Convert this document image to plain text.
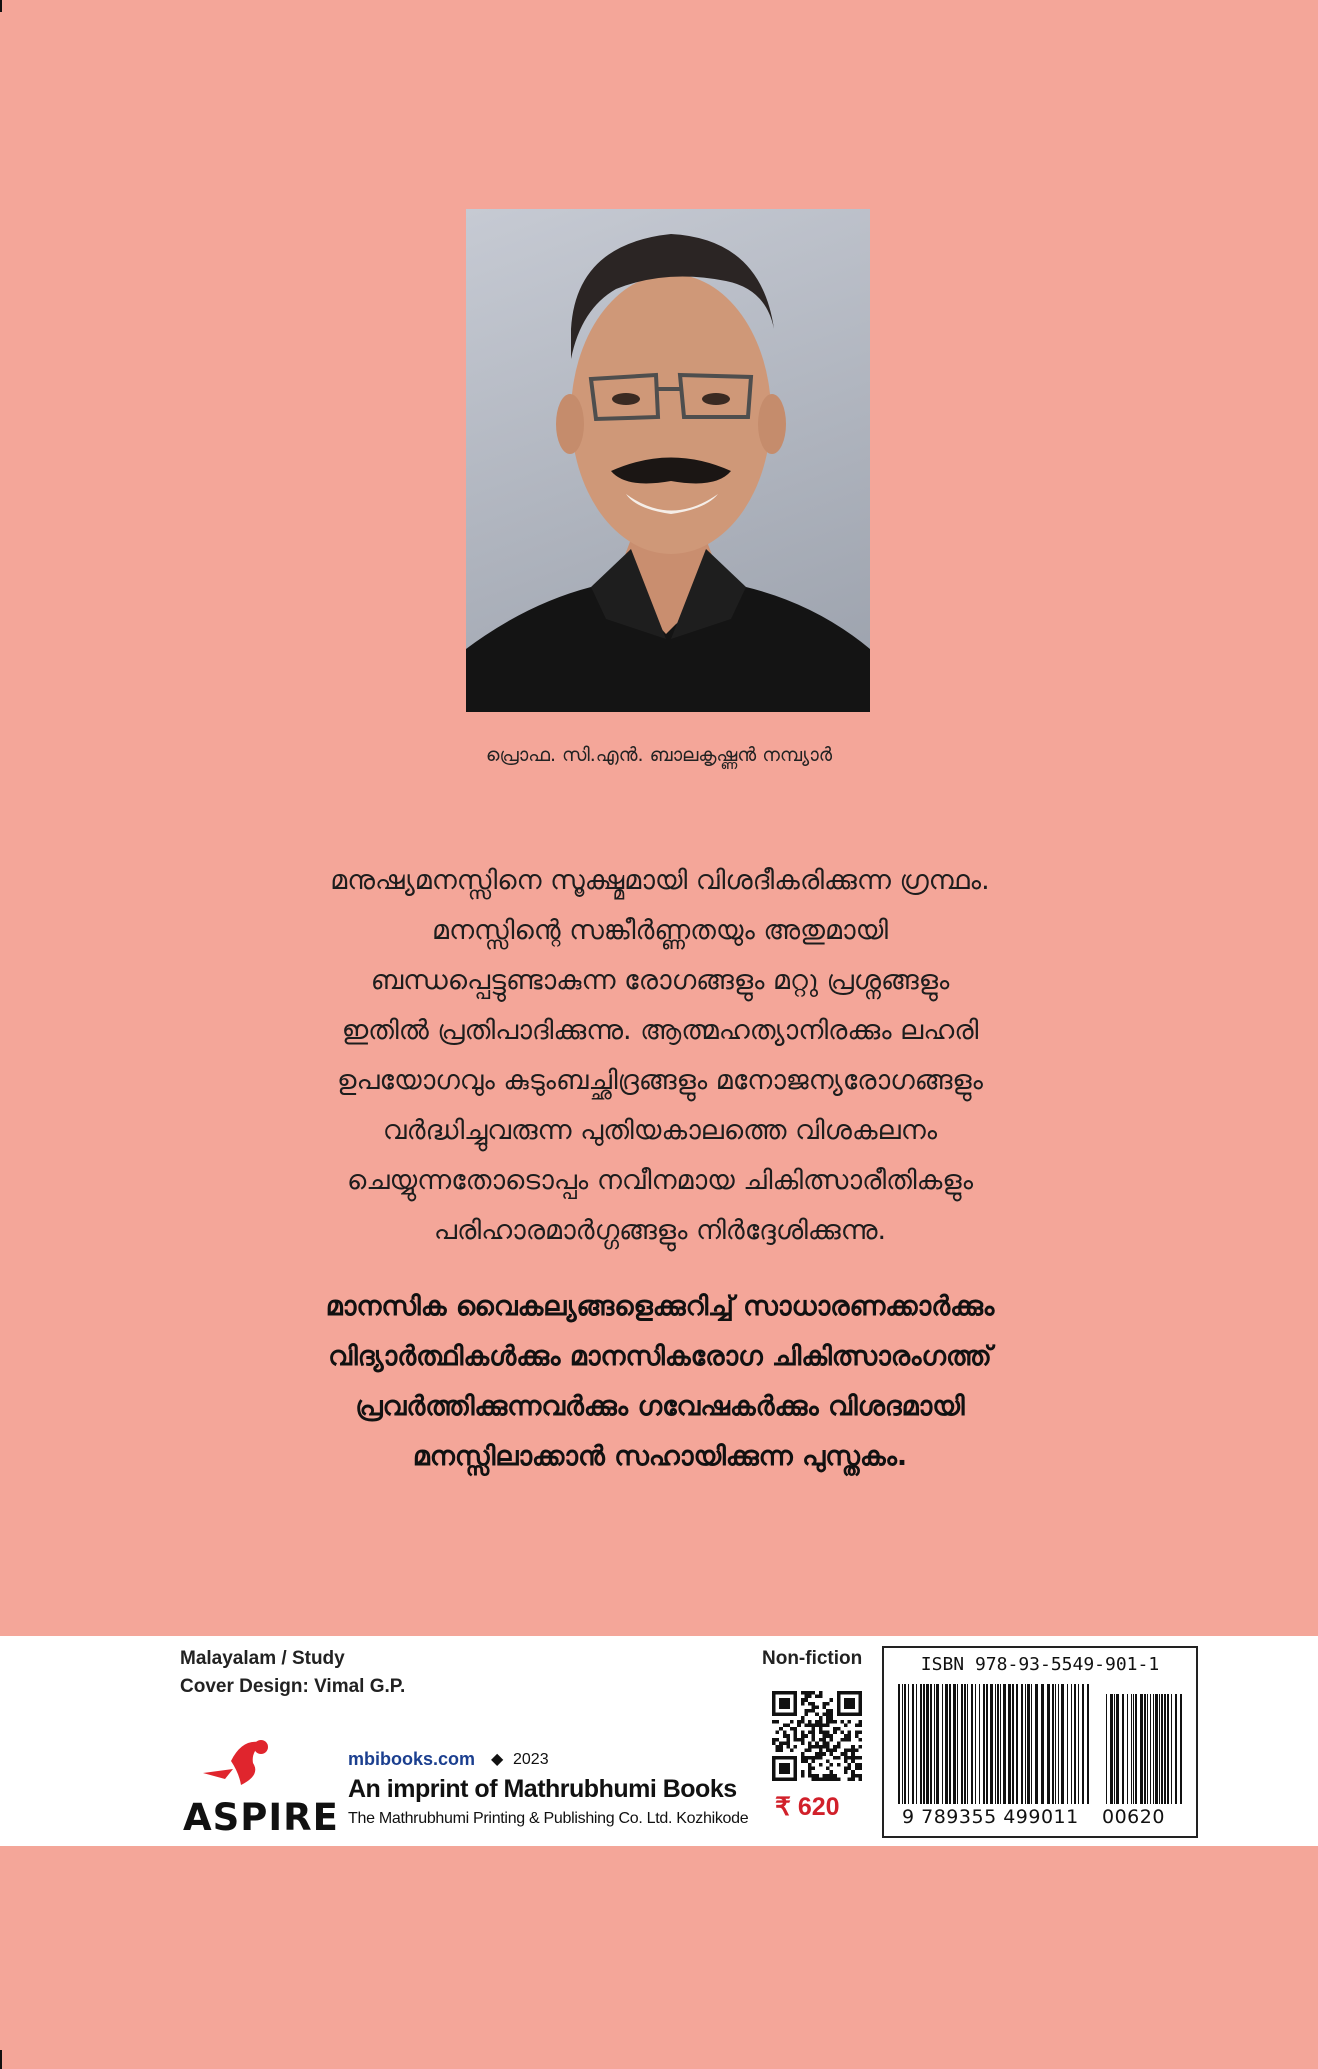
പ്രൊഫ. സി.എൻ. ബാലകൃഷ്ണൻ നമ്പ്യാർ
മനുഷ്യമനസ്സിനെ സൂക്ഷ്മമായി വിശദീകരിക്കുന്ന ഗ്രന്ഥം.
മനസ്സിന്റെ സങ്കീർണ്ണതയും അതുമായി
ബന്ധപ്പെട്ടുണ്ടാകുന്ന രോഗങ്ങളും മറ്റു പ്രശ്നങ്ങളും
ഇതിൽ പ്രതിപാദിക്കുന്നു. ആത്മഹത്യാനിരക്കും ലഹരി
ഉപയോഗവും കുടുംബച്ഛിദ്രങ്ങളും മനോജന്യരോഗങ്ങളും
വർദ്ധിച്ചുവരുന്ന പുതിയകാലത്തെ വിശകലനം
ചെയ്യുന്നതോടൊപ്പം നവീനമായ ചികിത്സാരീതികളും
പരിഹാരമാർഗ്ഗങ്ങളും നിർദ്ദേശിക്കുന്നു.
മാനസിക വൈകല്യങ്ങളെക്കുറിച്ച് സാധാരണക്കാർക്കും
വിദ്യാർത്ഥികൾക്കും മാനസികരോഗ ചികിത്സാരംഗത്ത്
പ്രവർത്തിക്കുന്നവർക്കും ഗവേഷകർക്കും വിശദമായി
മനസ്സിലാക്കാൻ സഹായിക്കുന്ന പുസ്തകം.
Malayalam / Study
Cover Design: Vimal G.P.
ASPIRE
mbibooks.com ◆ 2023
An imprint of Mathrubhumi Books
The Mathrubhumi Printing & Publishing Co. Ltd. Kozhikode
Non-fiction
₹ 620
ISBN 978-93-5549-901-1
9 789355 499011 00620
